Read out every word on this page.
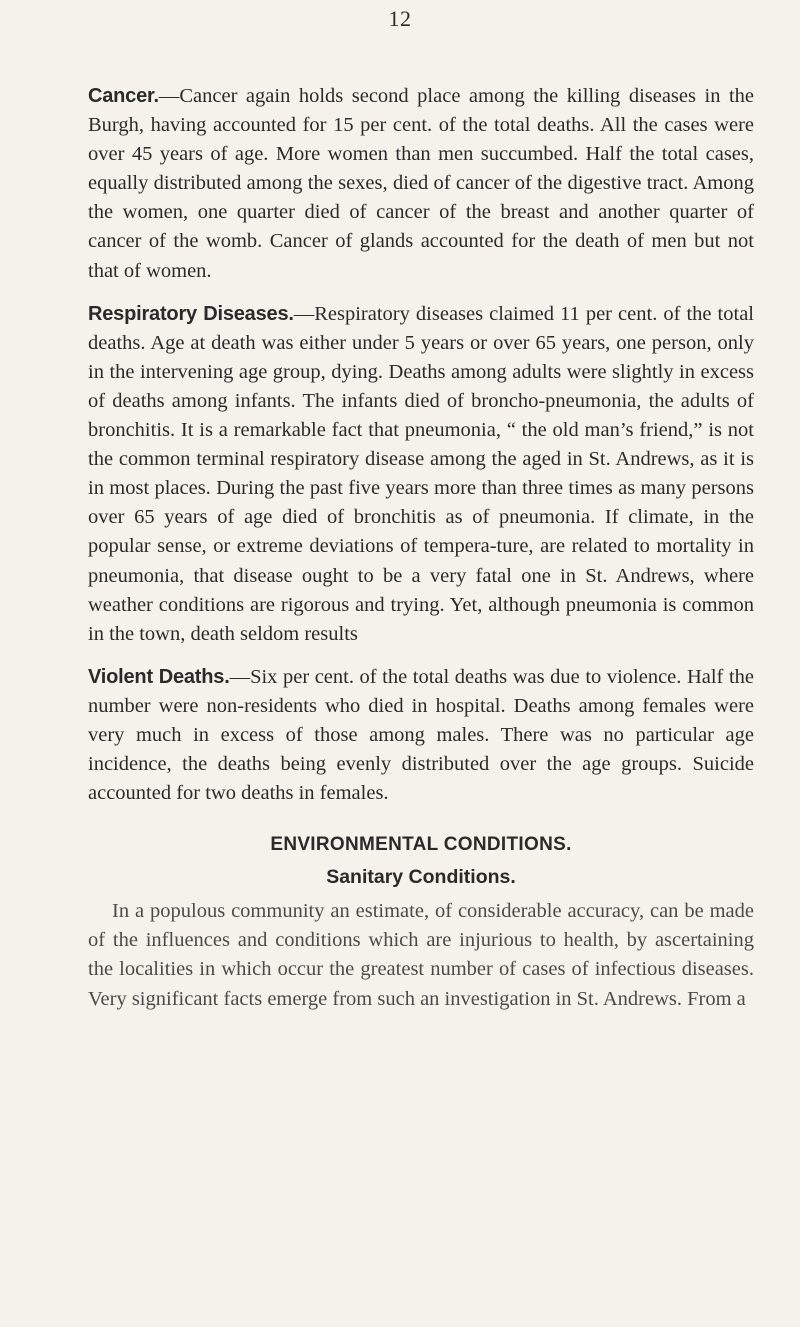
12

Cancer.—Cancer again holds second place among the killing diseases in the Burgh, having accounted for 15 per cent. of the total deaths. All the cases were over 45 years of age. More women than men succumbed. Half the total cases, equally distributed among the sexes, died of cancer of the digestive tract. Among the women, one quarter died of cancer of the breast and another quarter of cancer of the womb. Cancer of glands accounted for the death of men but not that of women.

Respiratory Diseases.—Respiratory diseases claimed 11 per cent. of the total deaths. Age at death was either under 5 years or over 65 years, one person, only in the intervening age group, dying. Deaths among adults were slightly in excess of deaths among infants. The infants died of broncho-pneumonia, the adults of bronchitis. It is a remarkable fact that pneumonia, “ the old man’s friend,” is not the common terminal respiratory disease among the aged in St. Andrews, as it is in most places. During the past five years more than three times as many persons over 65 years of age died of bronchitis as of pneumonia. If climate, in the popular sense, or extreme deviations of tempera-ture, are related to mortality in pneumonia, that disease ought to be a very fatal one in St. Andrews, where weather conditions are rigorous and trying. Yet, although pneumonia is common in the town, death seldom results

Violent Deaths.—Six per cent. of the total deaths was due to violence. Half the number were non-residents who died in hospital. Deaths among females were very much in excess of those among males. There was no particular age incidence, the deaths being evenly distributed over the age groups. Suicide accounted for two deaths in females.

ENVIRONMENTAL CONDITIONS.
Sanitary Conditions.

In a populous community an estimate, of considerable accuracy, can be made of the influences and conditions which are injurious to health, by ascertaining the localities in which occur the greatest number of cases of infectious diseases. Very significant facts emerge from such an investigation in St. Andrews. From a
